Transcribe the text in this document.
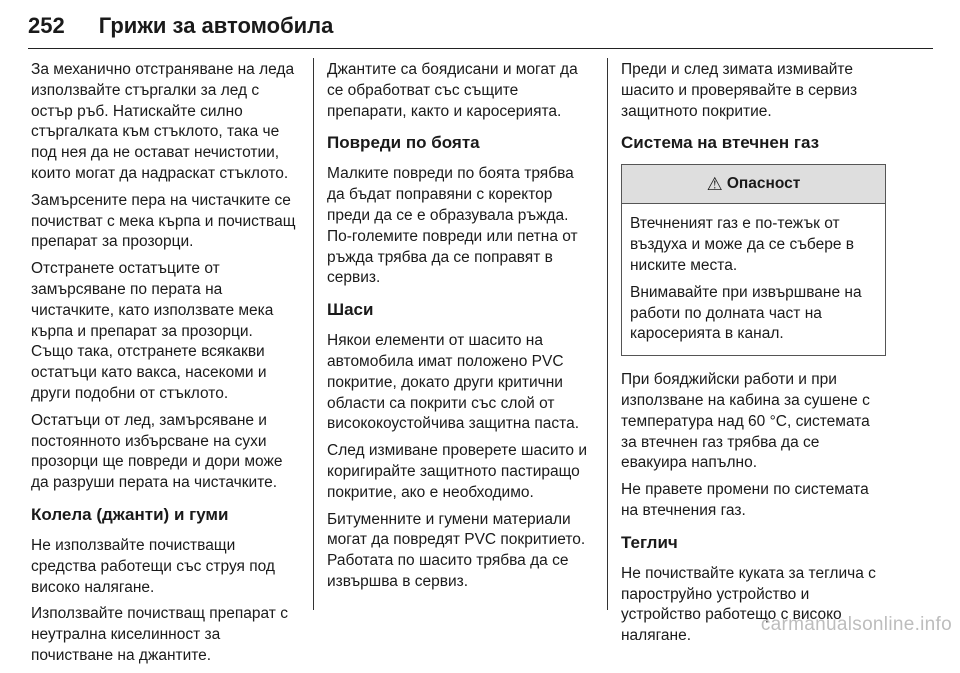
252 Грижи за автомобила

За механично отстраняване на леда използвайте стъргалки за лед с остър ръб. Натискайте силно стъргалката към стъклото, така че под нея да не остават нечистотии, които могат да надраскат стъклото.

Замърсените пера на чистачките се почистват с мека кърпа и почистващ препарат за прозорци.

Отстранете остатъците от замърсяване по перата на чистачките, като използвате мека кърпа и препарат за прозорци. Също така, отстранете всякакви остатъци като вакса, насекоми и други подобни от стъклото.

Остатъци от лед, замърсяване и постоянното избърсване на сухи прозорци ще повреди и дори може да разруши перата на чистачките.

Колела (джанти) и гуми

Не използвайте почистващи средства работещи със струя под високо налягане.

Използвайте почистващ препарат с неутрална киселинност за почистване на джантите.

Джантите са боядисани и могат да се обработват със същите препарати, както и каросерията.

Повреди по боята

Малките повреди по боята трябва да бъдат поправяни с коректор преди да се е образувала ръжда. По-големите повреди или петна от ръжда трябва да се поправят в сервиз.

Шаси

Някои елементи от шасито на автомобила имат положено PVC покритие, докато други критични области са покрити със слой от висококоустойчива защитна паста.

След измиване проверете шасито и коригирайте защитното пастиращо покритие, ако е необходимо.

Битуменните и гумени материали могат да повредят PVC покритието. Работата по шасито трябва да се извършва в сервиз.

Преди и след зимата измивайте шасито и проверявайте в сервиз защитното покритие.

Система на втечнен газ
⚠ Опасност

Втечненият газ е по-тежък от въздуха и може да се събере в ниските места.

Внимавайте при извършване на работи по долната част на каросерията в канал.

При бояджийски работи и при използване на кабина за сушене с температура над 60 °C, системата за втечнен газ трябва да се евакуира напълно.

Не правете промени по системата на втечнения газ.

Теглич

Не почиствайте куката за теглича с пароструйно устройство и устройство работещо с високо налягане.

carmanualsonline.info
